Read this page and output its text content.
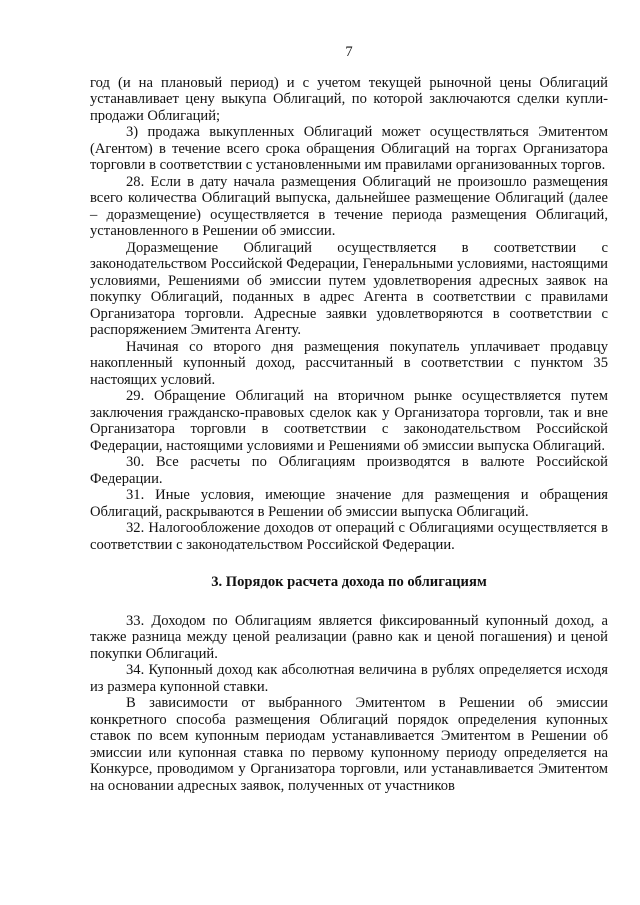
7

год (и на плановый период) и с учетом текущей рыночной цены Облигаций устанавливает цену выкупа Облигаций, по которой заключаются сделки купли-продажи Облигаций;

3) продажа выкупленных Облигаций может осуществляться Эмитентом (Агентом) в течение всего срока обращения Облигаций на торгах Организатора торговли в соответствии с установленными им правилами организованных торгов.

28. Если в дату начала размещения Облигаций не произошло размещения всего количества Облигаций выпуска, дальнейшее размещение Облигаций (далее – доразмещение) осуществляется в течение периода размещения Облигаций, установленного в Решении об эмиссии.

Доразмещение Облигаций осуществляется в соответствии с законодательством Российской Федерации, Генеральными условиями, настоящими условиями, Решениями об эмиссии путем удовлетворения адресных заявок на покупку Облигаций, поданных в адрес Агента в соответствии с правилами Организатора торговли. Адресные заявки удовлетворяются в соответствии с распоряжением Эмитента Агенту.

Начиная со второго дня размещения покупатель уплачивает продавцу накопленный купонный доход, рассчитанный в соответствии с пунктом 35 настоящих условий.

29. Обращение Облигаций на вторичном рынке осуществляется путем заключения гражданско-правовых сделок как у Организатора торговли, так и вне Организатора торговли в соответствии с законодательством Российской Федерации, настоящими условиями и Решениями об эмиссии выпуска Облигаций.

30. Все расчеты по Облигациям производятся в валюте Российской Федерации.

31. Иные условия, имеющие значение для размещения и обращения Облигаций, раскрываются в Решении об эмиссии выпуска Облигаций.

32. Налогообложение доходов от операций с Облигациями осуществляется в соответствии с законодательством Российской Федерации.

3. Порядок расчета дохода по облигациям

33. Доходом по Облигациям является фиксированный купонный доход, а также разница между ценой реализации (равно как и ценой погашения) и ценой покупки Облигаций.

34. Купонный доход как абсолютная величина в рублях определяется исходя из размера купонной ставки.

В зависимости от выбранного Эмитентом в Решении об эмиссии конкретного способа размещения Облигаций порядок определения купонных ставок по всем купонным периодам устанавливается Эмитентом в Решении об эмиссии или купонная ставка по первому купонному периоду определяется на Конкурсе, проводимом у Организатора торговли, или устанавливается Эмитентом на основании адресных заявок, полученных от участников
